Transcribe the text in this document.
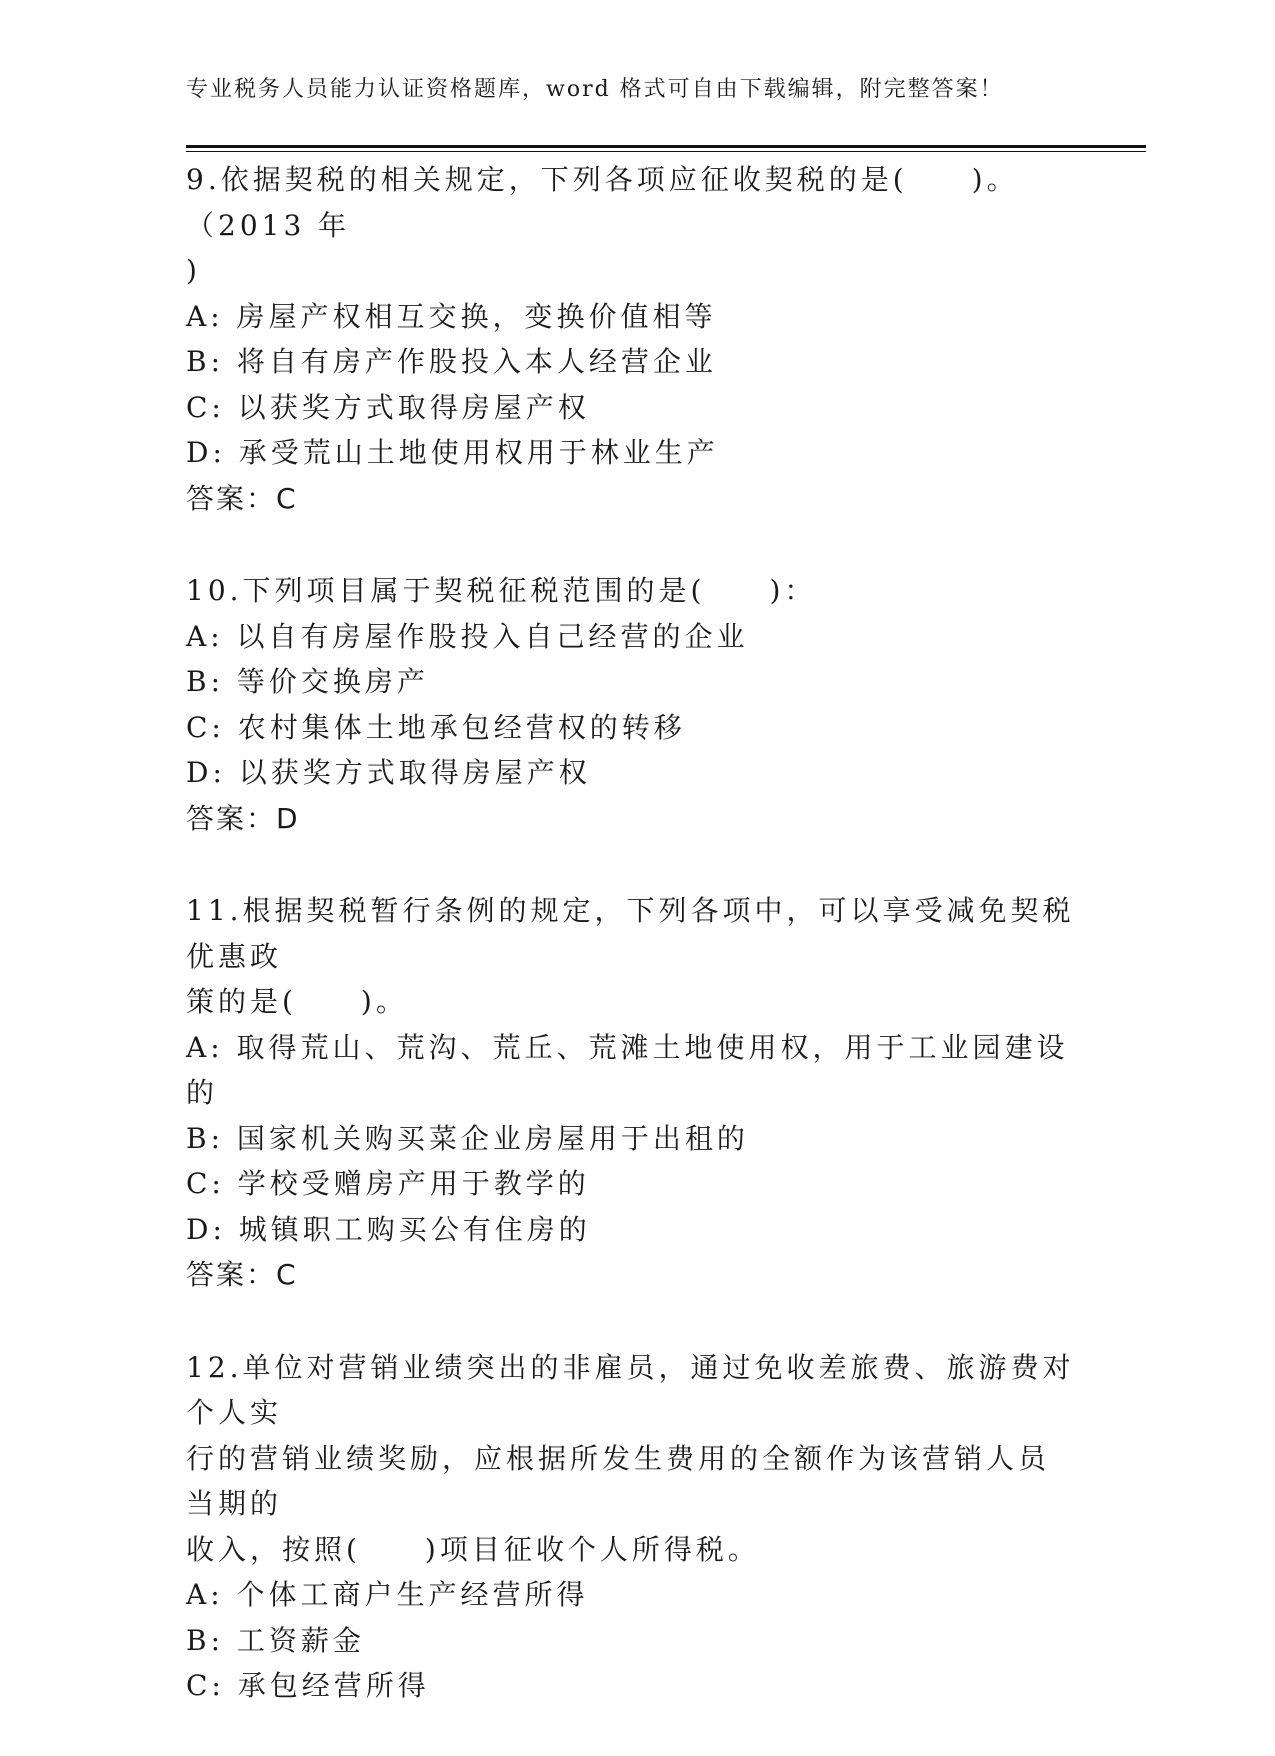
专业税务人员能力认证资格题库，word 格式可自由下载编辑，附完整答案！
9.依据契税的相关规定，下列各项应征收契税的是(　　)。（2013 年
)
A: 房屋产权相互交换，变换价值相等
B: 将自有房产作股投入本人经营企业
C: 以获奖方式取得房屋产权
D: 承受荒山土地使用权用于林业生产
答案：C
10.下列项目属于契税征税范围的是(　　)：
A: 以自有房屋作股投入自己经营的企业
B: 等价交换房产
C: 农村集体土地承包经营权的转移
D: 以获奖方式取得房屋产权
答案：D
11.根据契税暂行条例的规定，下列各项中，可以享受减免契税优惠政
策的是(　　)。
A: 取得荒山、荒沟、荒丘、荒滩土地使用权，用于工业园建设的
B: 国家机关购买菜企业房屋用于出租的
C: 学校受赠房产用于教学的
D: 城镇职工购买公有住房的
答案：C
12.单位对营销业绩突出的非雇员，通过免收差旅费、旅游费对个人实
行的营销业绩奖励，应根据所发生费用的全额作为该营销人员当期的
收入，按照(　　)项目征收个人所得税。
A: 个体工商户生产经营所得
B: 工资薪金
C: 承包经营所得
